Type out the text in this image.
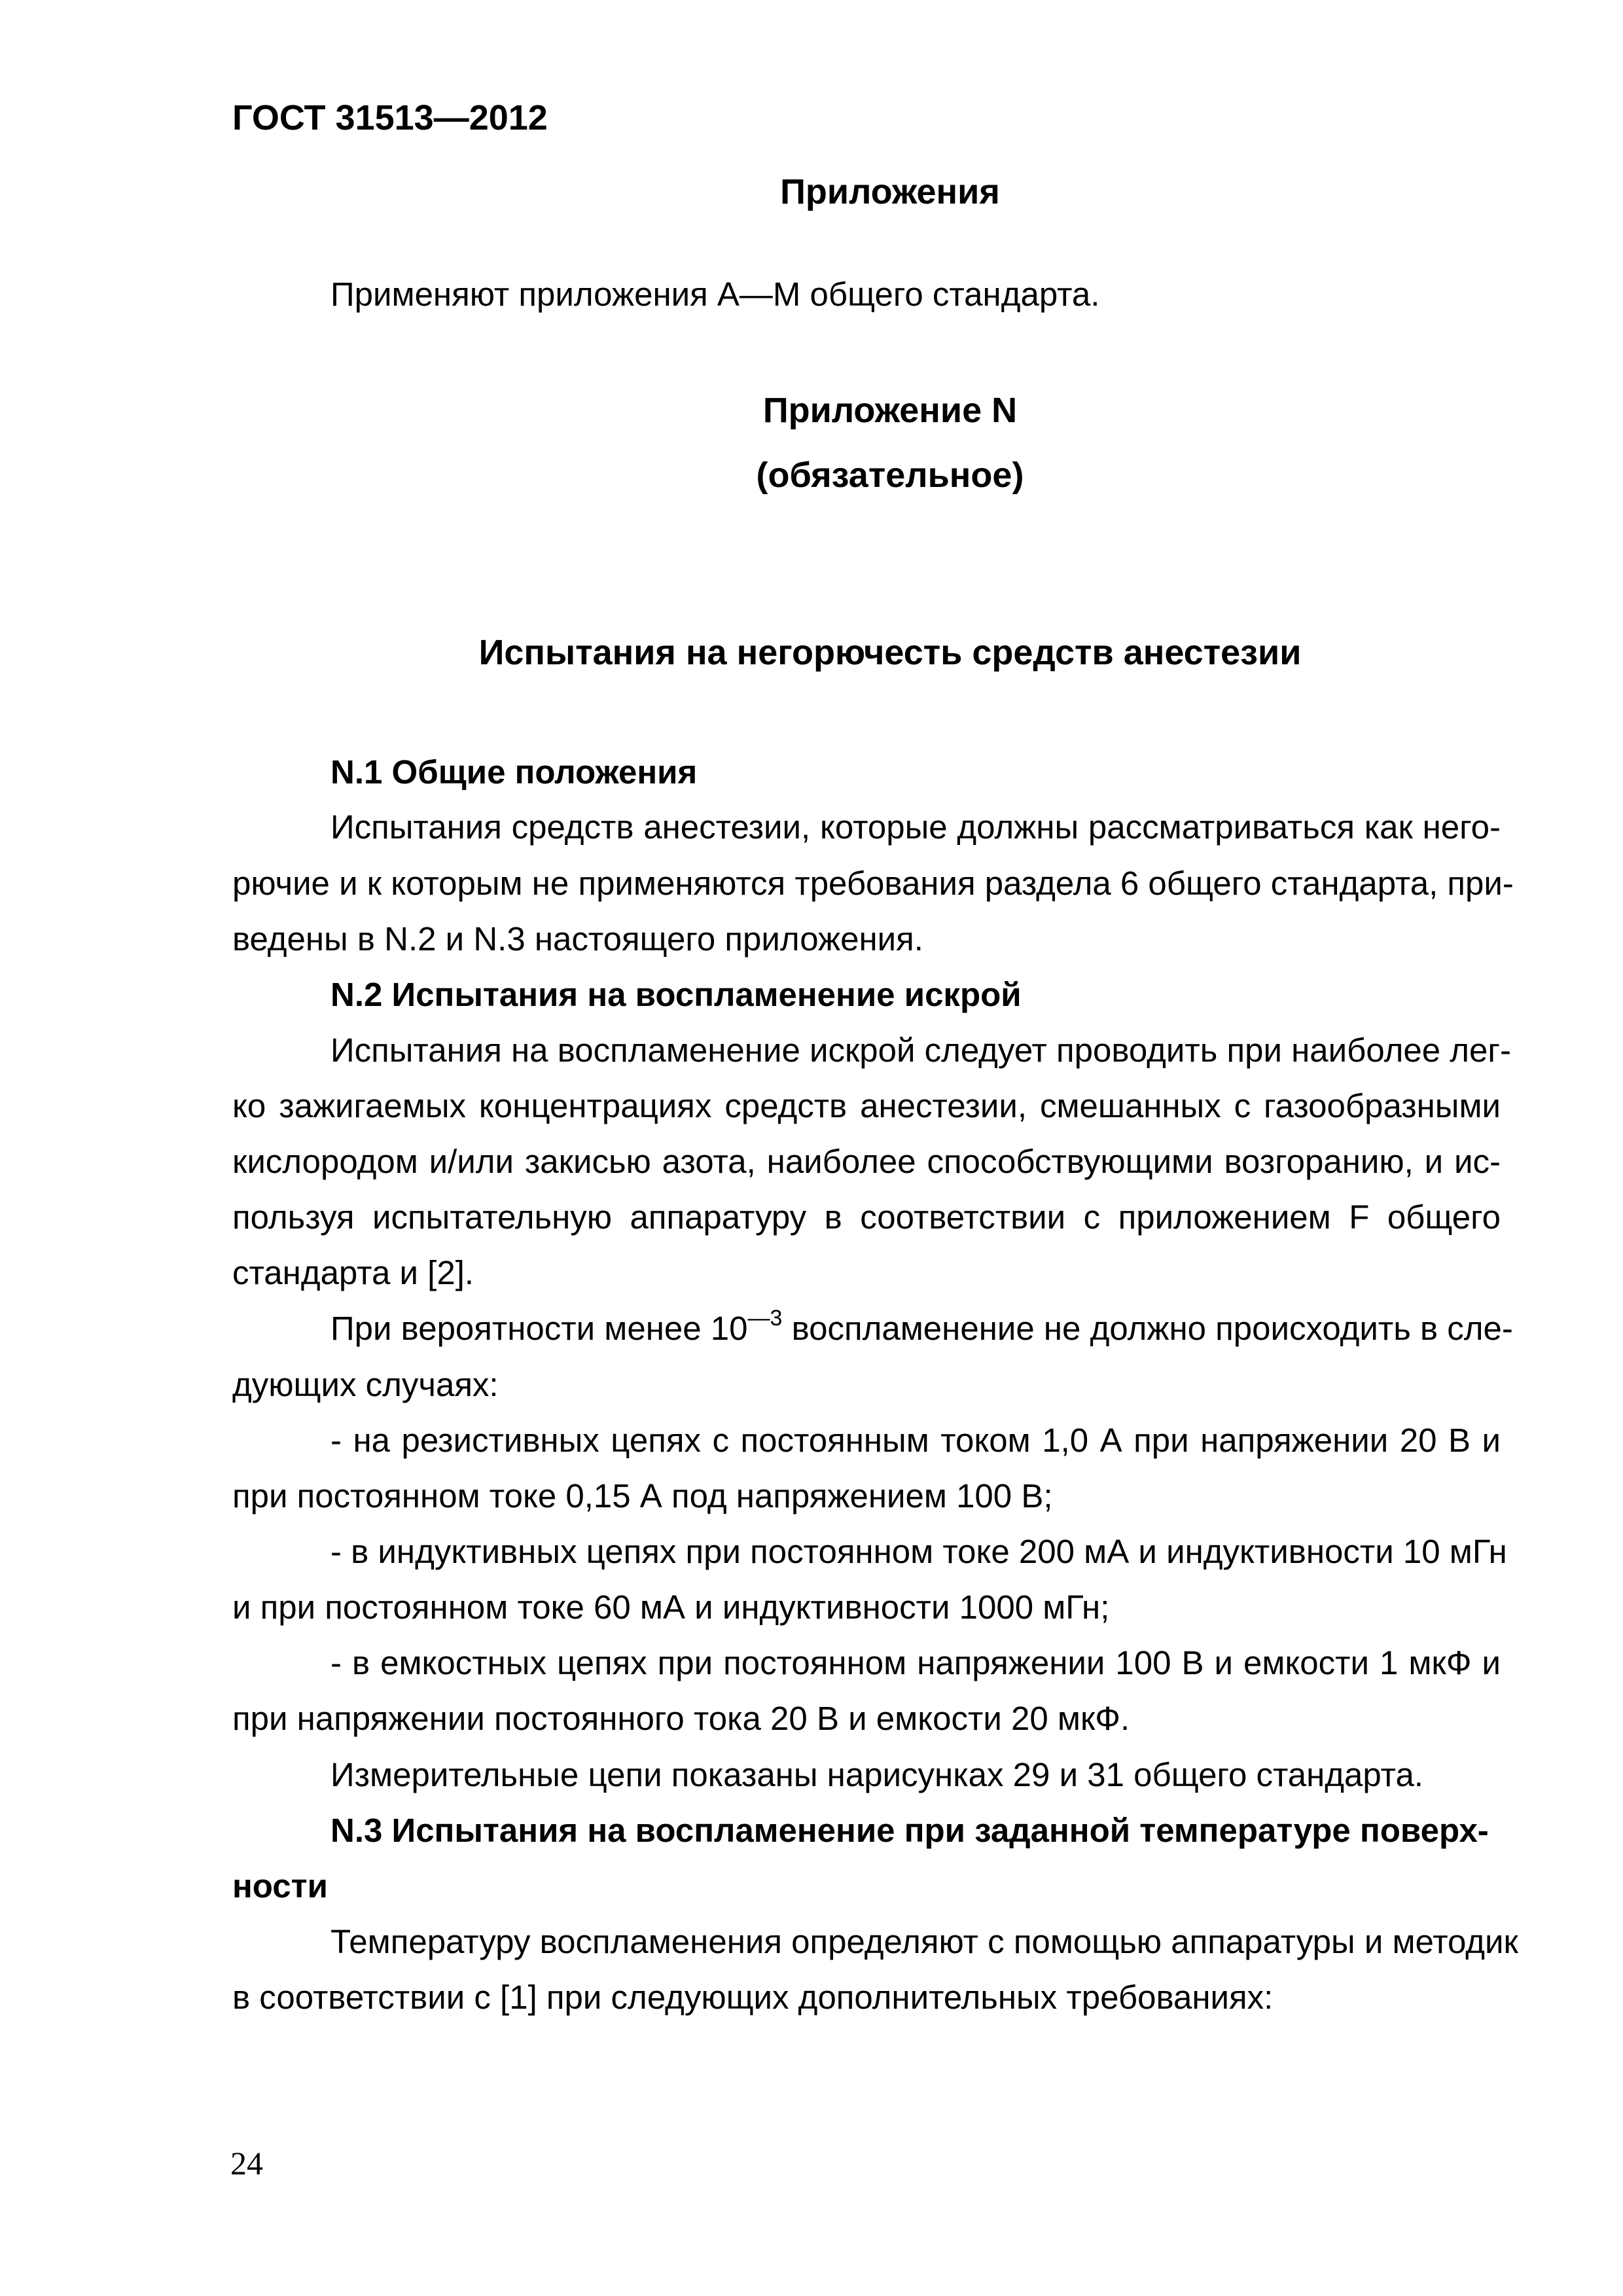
ГОСТ 31513—2012
Приложения
Применяют приложения А—М общего стандарта.
Приложение N
(обязательное)
Испытания на негорючесть средств анестезии
N.1 Общие положения
Испытания средств анестезии, которые должны рассматриваться как него-
рючие и к которым не применяются требования раздела 6 общего стандарта, при-
ведены в N.2 и N.3 настоящего приложения.
N.2 Испытания на воспламенение искрой
Испытания на воспламенение искрой следует проводить при наиболее лег-
ко зажигаемых концентрациях средств анестезии, смешанных с газообразными
кислородом и/или закисью азота, наиболее способствующими возгоранию, и ис-
пользуя испытательную аппаратуру в соответствии с приложением F общего
стандарта и [2].
При вероятности менее $10^{—3}$ воспламенение не должно происходить в сле-
дующих случаях:
- на резистивных цепях с постоянным током 1,0 А при напряжении 20 В и
при постоянном токе 0,15 А под напряжением 100 В;
- в индуктивных цепях при постоянном токе 200 мА и индуктивности 10 мГн
и при постоянном токе 60 мА и индуктивности 1000 мГн;
- в емкостных цепях при постоянном напряжении 100 В и емкости 1 мкФ и
при напряжении постоянного тока 20 В и емкости 20 мкФ.
Измерительные цепи показаны нарисунках 29 и 31 общего стандарта.
N.3 Испытания на воспламенение при заданной температуре поверх-
ности
Температуру воспламенения определяют с помощью аппаратуры и методик
в соответствии с [1] при следующих дополнительных требованиях:
24
